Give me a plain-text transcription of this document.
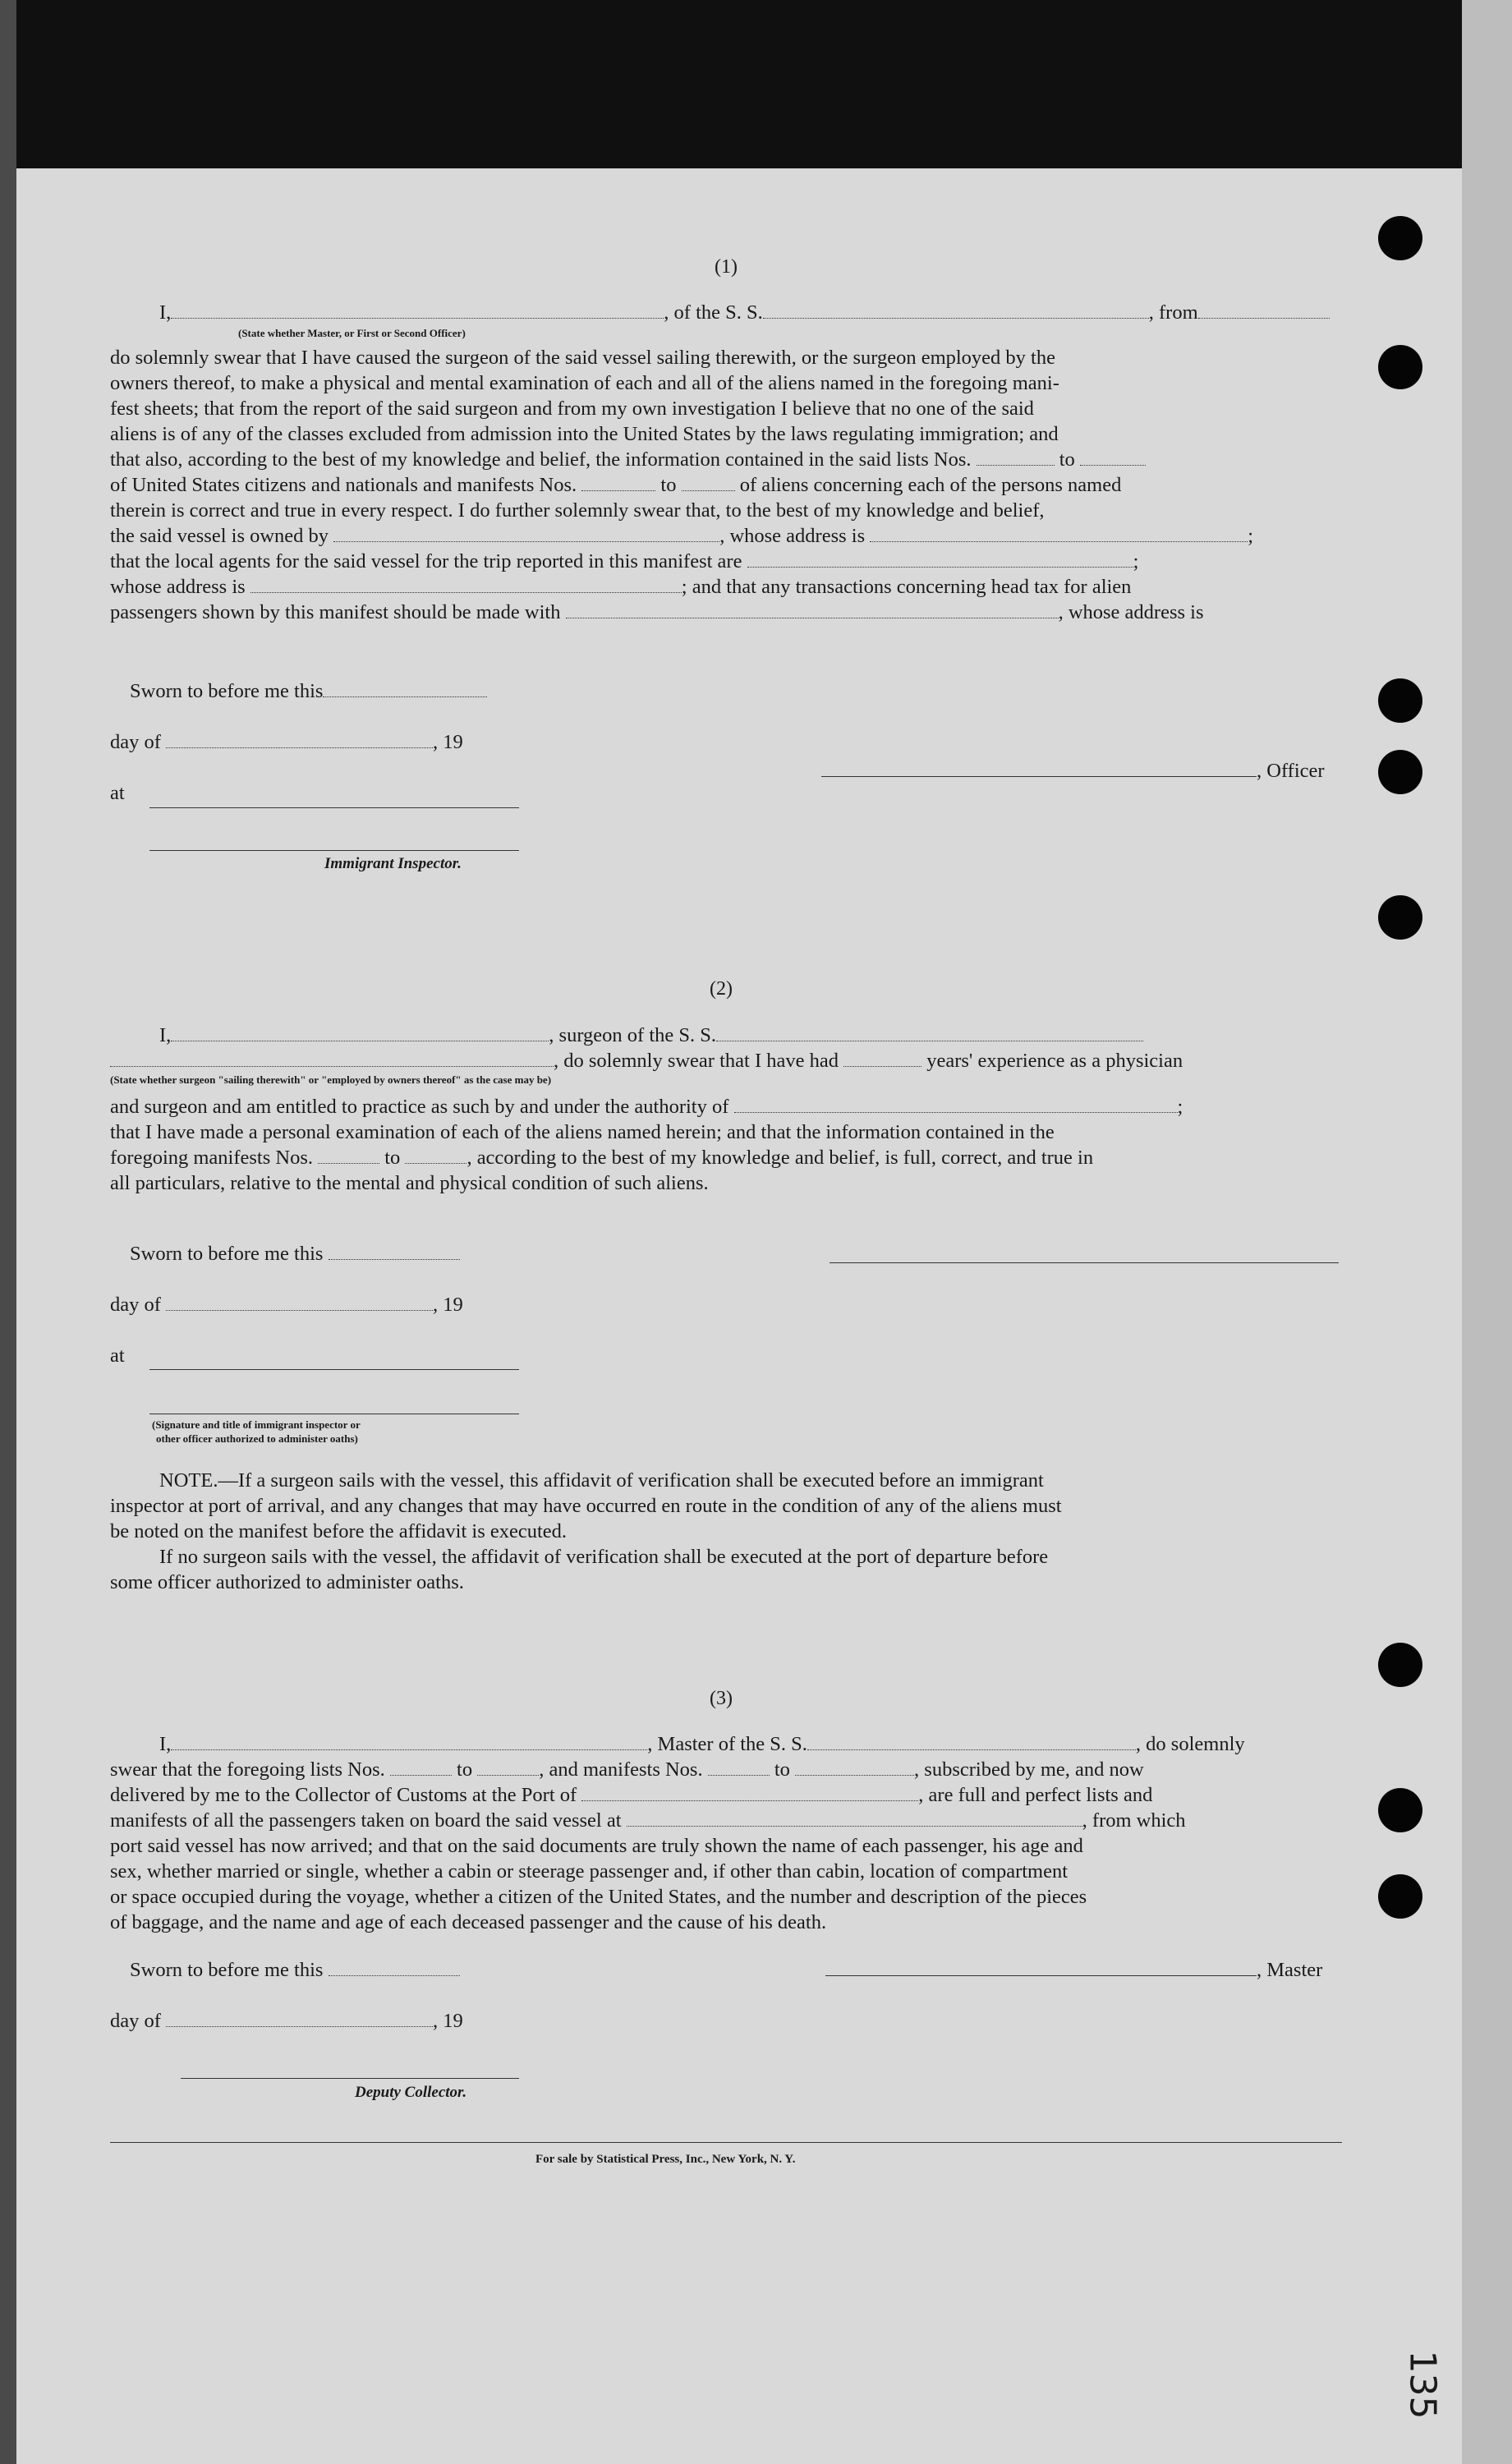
(1)
I,	, of the S. S.	, from
(State whether Master, or First or Second Officer)
do solemnly swear that I have caused the surgeon of the said vessel sailing therewith, or the surgeon employed by the
owners thereof, to make a physical and mental examination of each and all of the aliens named in the foregoing mani-
fest sheets; that from the report of the said surgeon and from my own investigation I believe that no one of the said
aliens is of any of the classes excluded from admission into the United States by the laws regulating immigration; and
that also, according to the best of my knowledge and belief, the information contained in the said lists Nos.	to
of United States citizens and nationals and manifests Nos.	to	of aliens concerning each of the persons named
therein is correct and true in every respect. I do further solemnly swear that, to the best of my knowledge and belief,
the said vessel is owned by	, whose address is	;
that the local agents for the said vessel for the trip reported in this manifest are	;
whose address is	; and that any transactions concerning head tax for alien
passengers shown by this manifest should be made with	, whose address is
Sworn to before me this
day of	, 19
at
Immigrant Inspector.
, Officer
(2)
I,	, surgeon of the S. S.
, do solemnly swear that I have had	years' experience as a physician
(State whether surgeon "sailing therewith" or "employed by owners thereof" as the case may be)
and surgeon and am entitled to practice as such by and under the authority of	;
that I have made a personal examination of each of the aliens named herein; and that the information contained in the
foregoing manifests Nos.	to	, according to the best of my knowledge and belief, is full, correct, and true in
all particulars, relative to the mental and physical condition of such aliens.
Sworn to before me this
day of	, 19
at
(Signature and title of immigrant inspector or
other officer authorized to administer oaths)
NOTE.—If a surgeon sails with the vessel, this affidavit of verification shall be executed before an immigrant
inspector at port of arrival, and any changes that may have occurred en route in the condition of any of the aliens must
be noted on the manifest before the affidavit is executed.
If no surgeon sails with the vessel, the affidavit of verification shall be executed at the port of departure before
some officer authorized to administer oaths.
(3)
I,	, Master of the S. S.	, do solemnly
swear that the foregoing lists Nos.	to	, and manifests Nos.	to	, subscribed by me, and now
delivered by me to the Collector of Customs at the Port of	, are full and perfect lists and
manifests of all the passengers taken on board the said vessel at	, from which
port said vessel has now arrived; and that on the said documents are truly shown the name of each passenger, his age and
sex, whether married or single, whether a cabin or steerage passenger and, if other than cabin, location of compartment
or space occupied during the voyage, whether a citizen of the United States, and the number and description of the pieces
of baggage, and the name and age of each deceased passenger and the cause of his death.
Sworn to before me this	, Master
day of	, 19
Deputy Collector.
For sale by Statistical Press, Inc., New York, N. Y.
135
